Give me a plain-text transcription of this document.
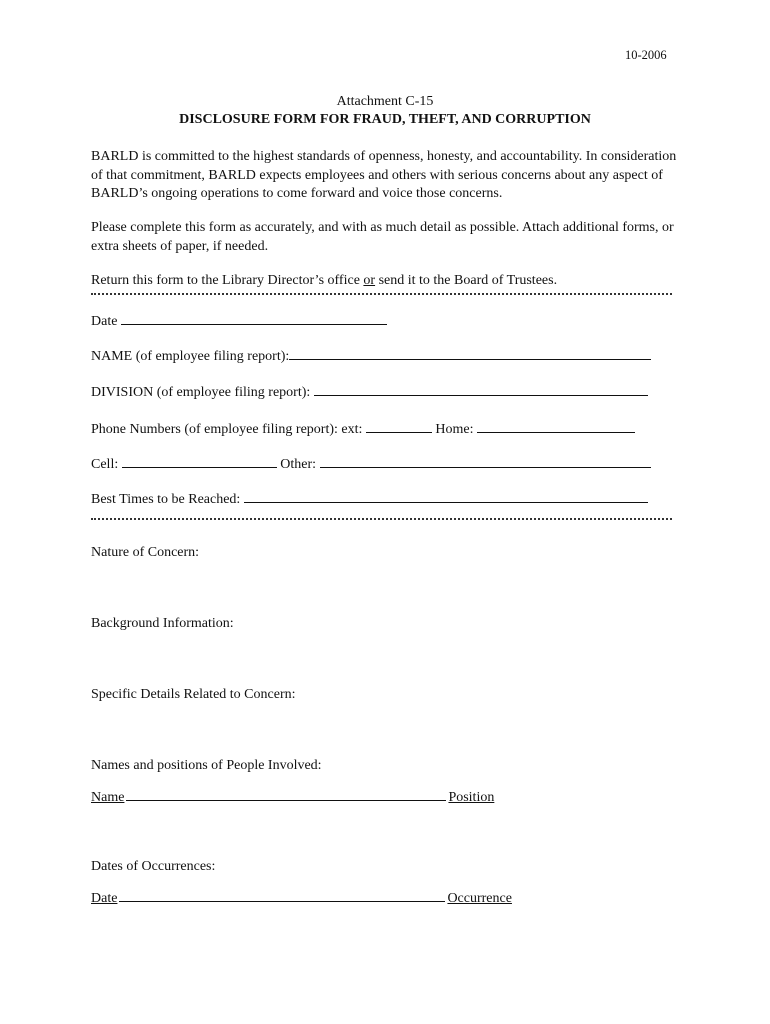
10-2006
Attachment C-15
DISCLOSURE FORM FOR FRAUD, THEFT, AND CORRUPTION
BARLD is committed to the highest standards of openness, honesty, and accountability. In consideration of that commitment, BARLD expects employees and others with serious concerns about any aspect of BARLD’s ongoing operations to come forward and voice those concerns.
Please complete this form as accurately, and with as much detail as possible. Attach additional forms, or extra sheets of paper, if needed.
Return this form to the Library Director’s office or send it to the Board of Trustees.
Date
NAME (of employee filing report):
DIVISION (of employee filing report):
Phone Numbers (of employee filing report): ext:	Home:
Cell:	Other:
Best Times to be Reached:
Nature of Concern:
Background Information:
Specific Details Related to Concern:
Names and positions of People Involved:
Name	Position
Dates of Occurrences:
Date	Occurrence
